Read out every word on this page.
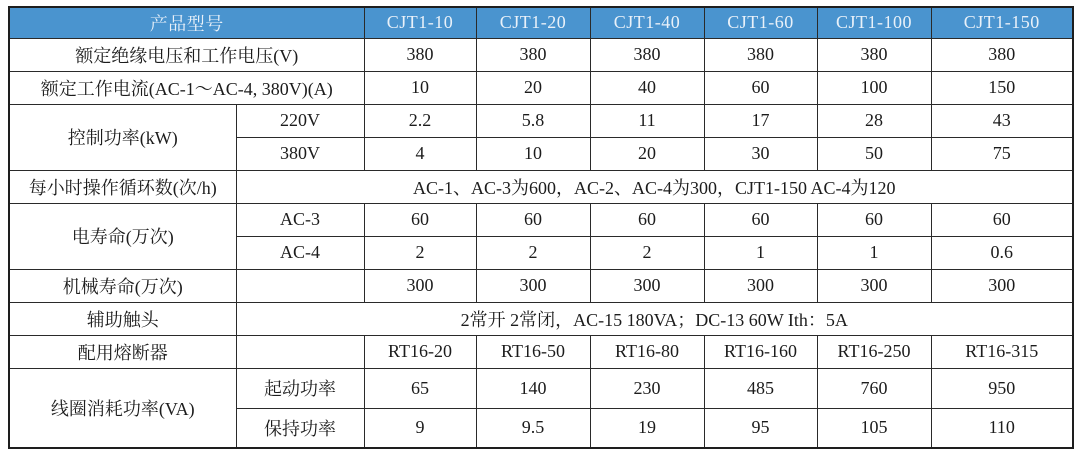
产品型号		CJT1-10	CJT1-20	CJT1-40	CJT1-60	CJT1-100	CJT1-150
额定绝缘电压和工作电压(V)		380	380	380	380	380	380
额定工作电流(AC-1～AC-4, 380V)(A)		10	20	40	60	100	150
控制功率(kW)	220V	2.2	5.8	11	17	28	43
	380V	4	10	20	30	50	75
每小时操作循环数(次/h)	AC-1、AC-3为600，AC-2、AC-4为300，CJT1-150 AC-4为120						
电寿命(万次)	AC-3	60	60	60	60	60	60
	AC-4	2	2	2	1	1	0.6
机械寿命(万次)		300	300	300	300	300	300
辅助触头	2常开 2常闭，AC-15 180VA；DC-13 60W Ith：5A						
配用熔断器		RT16-20	RT16-50	RT16-80	RT16-160	RT16-250	RT16-315
线圈消耗功率(VA)	起动功率	65	140	230	485	760	950
	保持功率	9	9.5	19	95	105	110
